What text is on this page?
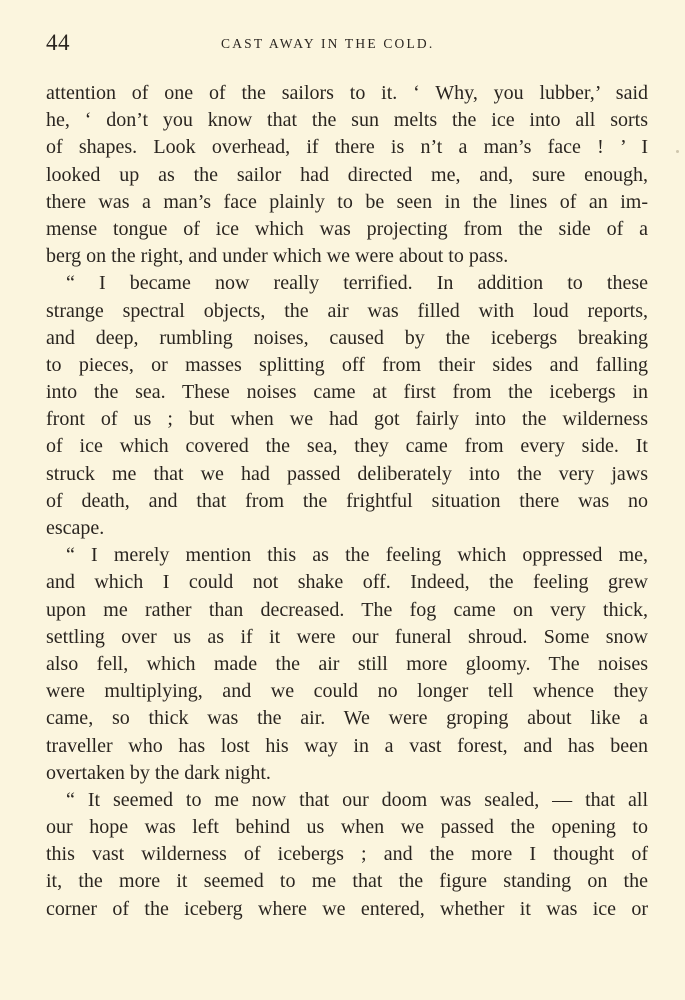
44	CAST AWAY IN THE COLD.
attention of one of the sailors to it. ‘ Why, you lubber,’ said
he, ‘ don’t you know that the sun melts the ice into all sorts
of shapes. Look overhead, if there is n’t a man’s face ! ’ I
looked up as the sailor had directed me, and, sure enough,
there was a man’s face plainly to be seen in the lines of an im-
mense tongue of ice which was projecting from the side of a
berg on the right, and under which we were about to pass.
“ I became now really terrified. In addition to these
strange spectral objects, the air was filled with loud reports,
and deep, rumbling noises, caused by the icebergs breaking
to pieces, or masses splitting off from their sides and falling
into the sea. These noises came at first from the icebergs in
front of us ; but when we had got fairly into the wilderness
of ice which covered the sea, they came from every side. It
struck me that we had passed deliberately into the very jaws
of death, and that from the frightful situation there was no
escape.
“ I merely mention this as the feeling which oppressed me,
and which I could not shake off. Indeed, the feeling grew
upon me rather than decreased. The fog came on very thick,
settling over us as if it were our funeral shroud. Some snow
also fell, which made the air still more gloomy. The noises
were multiplying, and we could no longer tell whence they
came, so thick was the air. We were groping about like a
traveller who has lost his way in a vast forest, and has been
overtaken by the dark night.
“ It seemed to me now that our doom was sealed, — that all
our hope was left behind us when we passed the opening to
this vast wilderness of icebergs ; and the more I thought of
it, the more it seemed to me that the figure standing on the
corner of the iceberg where we entered, whether it was ice or
